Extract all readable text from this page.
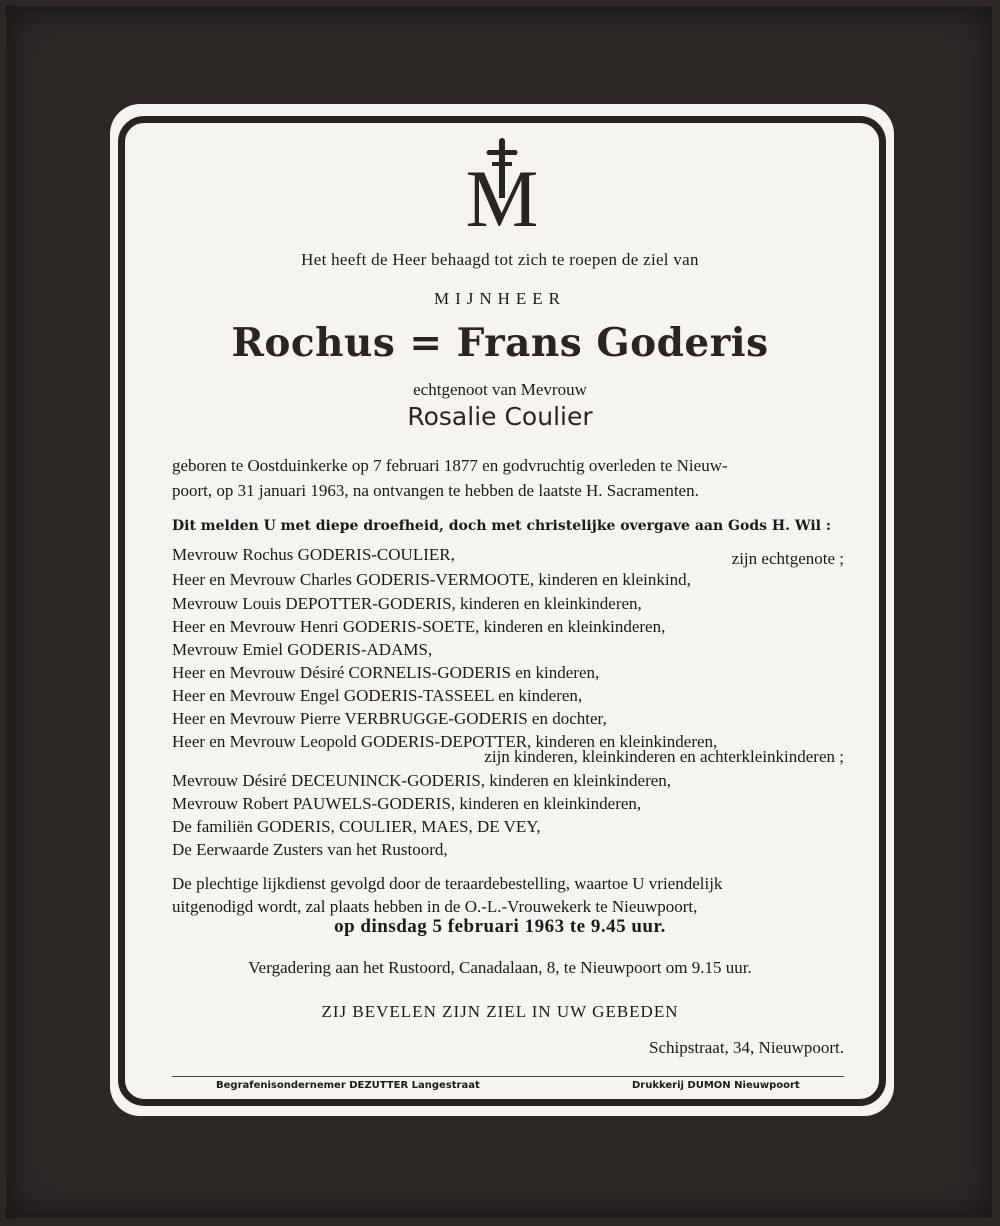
M
Het heeft de Heer behaagd tot zich te roepen de ziel van
MIJNHEER
Rochus = Frans Goderis
echtgenoot van Mevrouw
Rosalie Coulier
geboren te Oostduinkerke op 7 februari 1877 en godvruchtig overleden te Nieuw-
poort, op 31 januari 1963, na ontvangen te hebben de laatste H. Sacramenten.
Dit melden U met diepe droefheid, doch met christelijke overgave aan Gods H. Wil :
Mevrouw Rochus GODERIS-COULIER,	zijn echtgenote ;
Heer en Mevrouw Charles GODERIS-VERMOOTE, kinderen en kleinkind,
Mevrouw Louis DEPOTTER-GODERIS, kinderen en kleinkinderen,
Heer en Mevrouw Henri GODERIS-SOETE, kinderen en kleinkinderen,
Mevrouw Emiel GODERIS-ADAMS,
Heer en Mevrouw Désiré CORNELIS-GODERIS en kinderen,
Heer en Mevrouw Engel GODERIS-TASSEEL en kinderen,
Heer en Mevrouw Pierre VERBRUGGE-GODERIS en dochter,
Heer en Mevrouw Leopold GODERIS-DEPOTTER, kinderen en kleinkinderen,
zijn kinderen, kleinkinderen en achterkleinkinderen ;
Mevrouw Désiré DECEUNINCK-GODERIS, kinderen en kleinkinderen,
Mevrouw Robert PAUWELS-GODERIS, kinderen en kleinkinderen,
De familiën GODERIS, COULIER, MAES, DE VEY,
De Eerwaarde Zusters van het Rustoord,
De plechtige lijkdienst gevolgd door de teraardebestelling, waartoe U vriendelijk
uitgenodigd wordt, zal plaats hebben in de O.-L.-Vrouwekerk te Nieuwpoort,
op dinsdag 5 februari 1963 te 9.45 uur.
Vergadering aan het Rustoord, Canadalaan, 8, te Nieuwpoort om 9.15 uur.
ZIJ BEVELEN ZIJN ZIEL IN UW GEBEDEN
Schipstraat, 34, Nieuwpoort.
Begrafenisondernemer DEZUTTER Langestraat	Drukkerij DUMON Nieuwpoort
